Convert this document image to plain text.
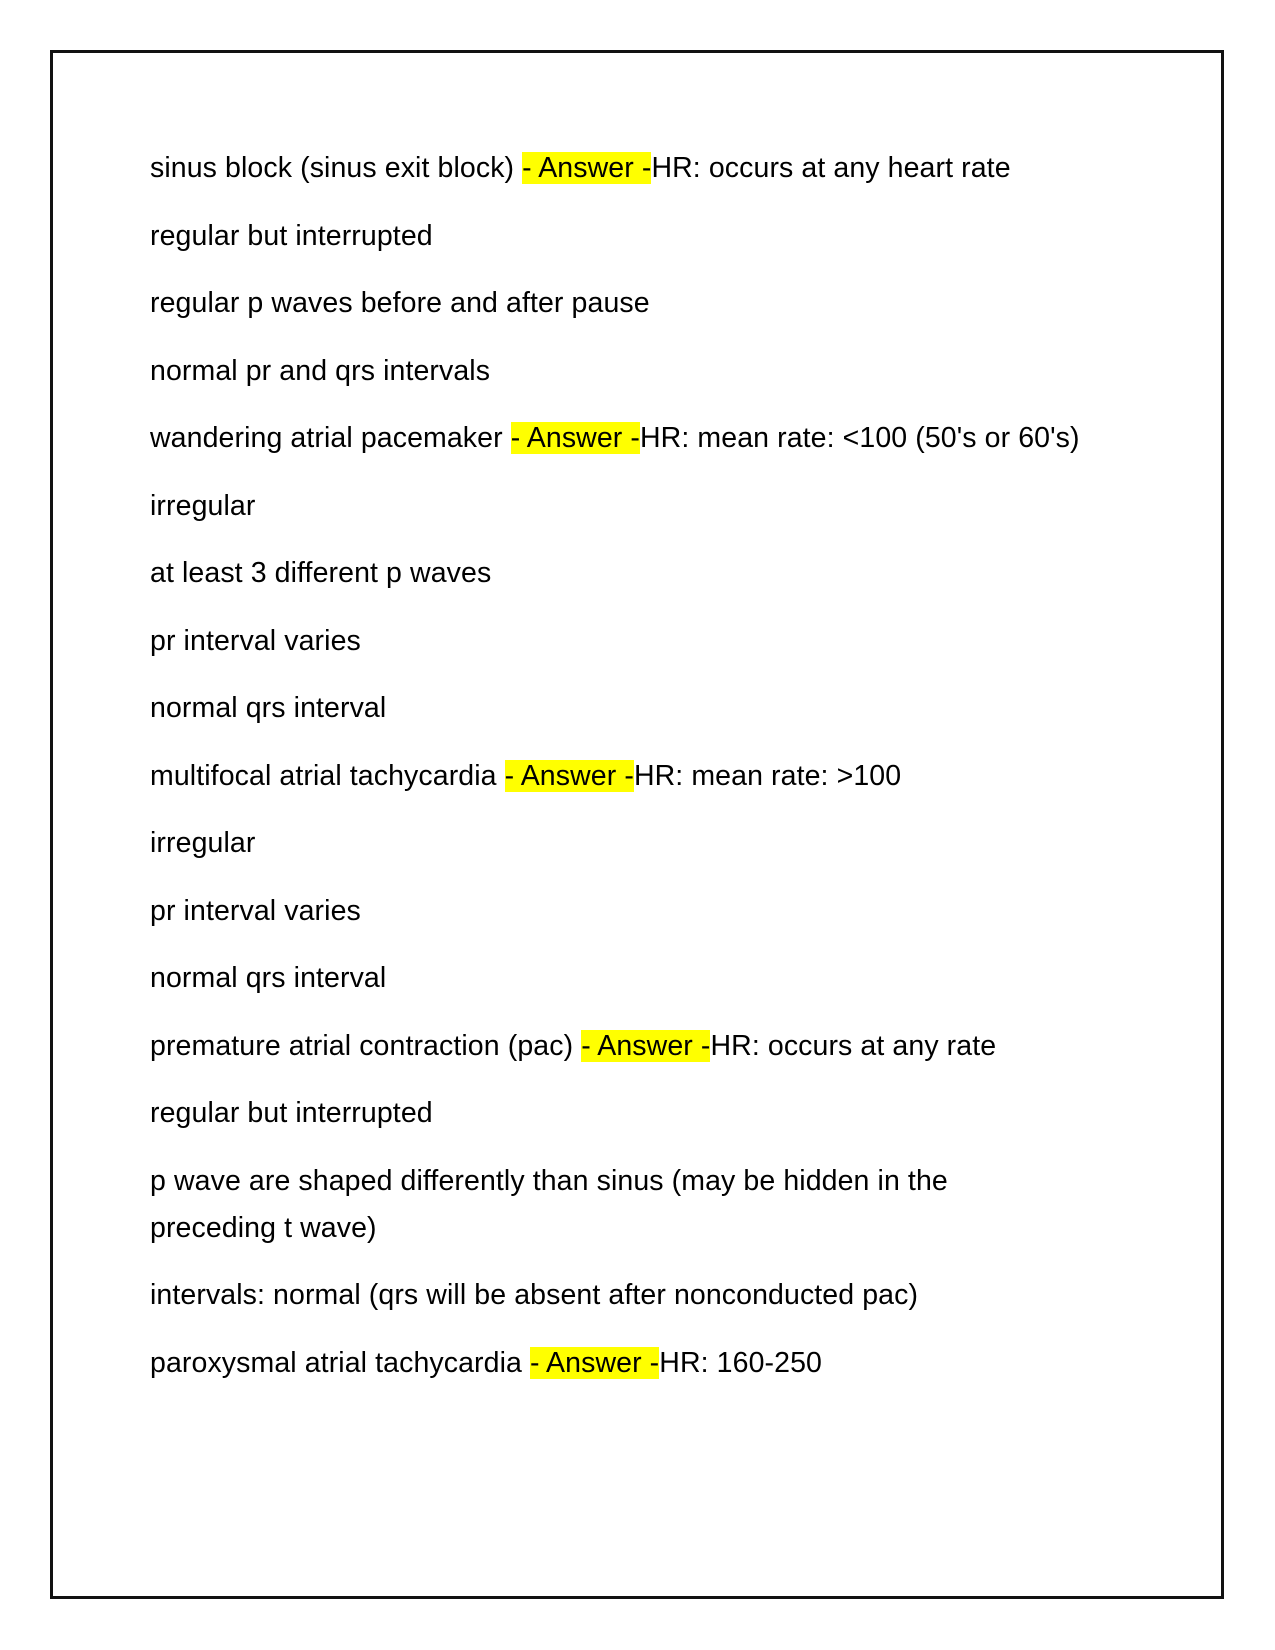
sinus block (sinus exit block) - Answer -HR: occurs at any heart rate
regular but interrupted
regular p waves before and after pause
normal pr and qrs intervals
wandering atrial pacemaker - Answer -HR: mean rate: <100 (50's or 60's)
irregular
at least 3 different p waves
pr interval varies
normal qrs interval
multifocal atrial tachycardia - Answer -HR: mean rate: >100
irregular
pr interval varies
normal qrs interval
premature atrial contraction (pac) - Answer -HR: occurs at any rate
regular but interrupted
p wave are shaped differently than sinus (may be hidden in the preceding t wave)
intervals: normal (qrs will be absent after nonconducted pac)
paroxysmal atrial tachycardia - Answer -HR: 160-250
